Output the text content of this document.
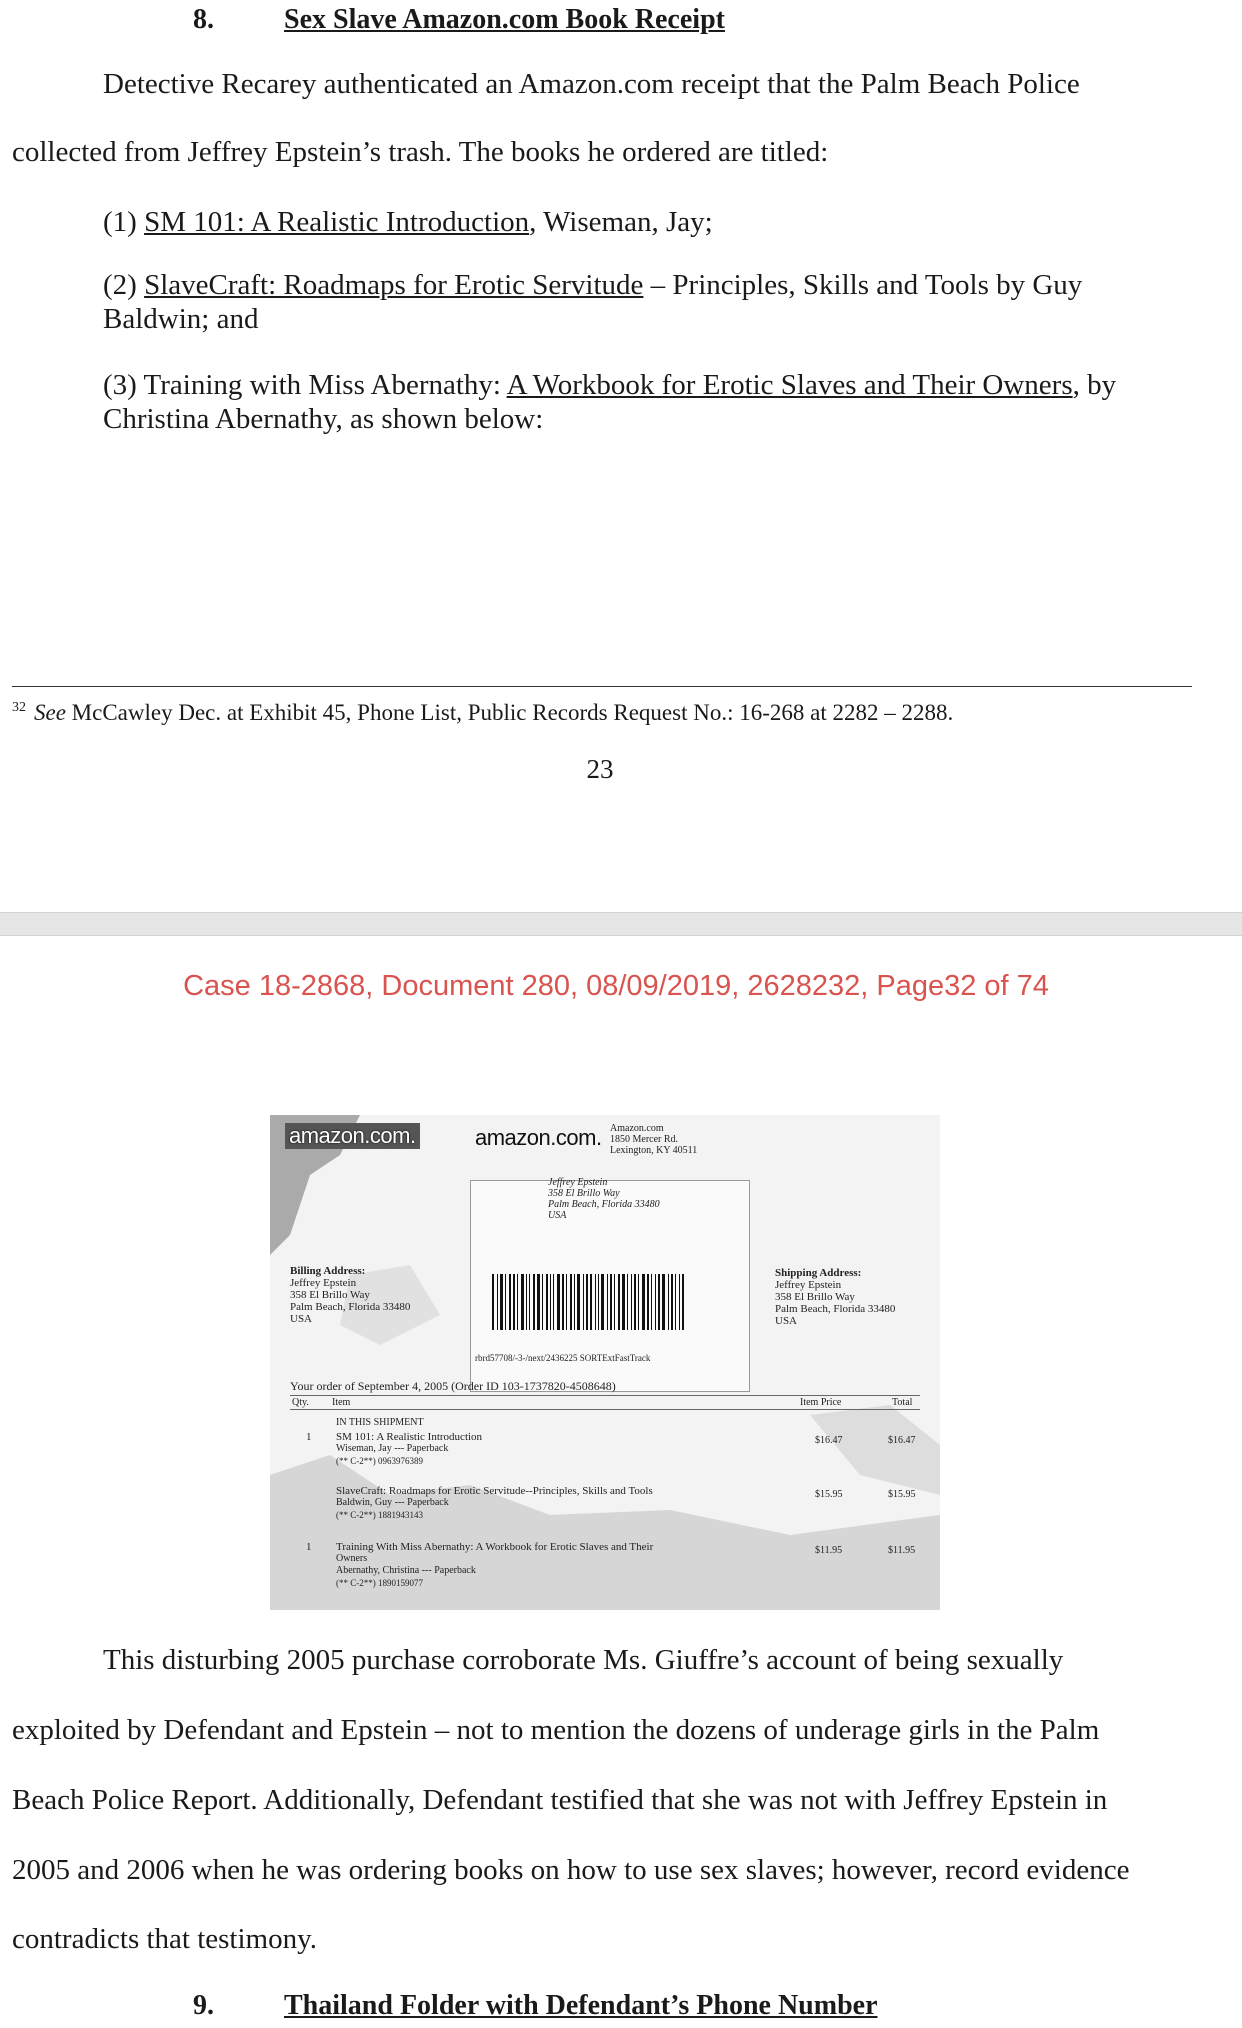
8.	Sex Slave Amazon.com Book Receipt
Detective Recarey authenticated an Amazon.com receipt that the Palm Beach Police
collected from Jeffrey Epstein’s trash. The books he ordered are titled:
(1) SM 101: A Realistic Introduction, Wiseman, Jay;
(2) SlaveCraft: Roadmaps for Erotic Servitude – Principles, Skills and Tools by Guy
Baldwin; and
(3) Training with Miss Abernathy: A Workbook for Erotic Slaves and Their Owners, by
Christina Abernathy, as shown below:
$^{32}$ See McCawley Dec. at Exhibit 45, Phone List, Public Records Request No.: 16-268 at 2282 – 2288.
23
Case 18-2868, Document 280, 08/09/2019, 2628232, Page32 of 74
amazon.com.	amazon.com. Amazon.com
1850 Mercer Rd.
Lexington, KY 40511
Jeffrey Epstein
358 El Brillo Way
Palm Beach, Florida 33480
USA
rbrd57708/-3-/next/2436225 SORTExtFastTrack
Billing Address:
Jeffrey Epstein
358 El Brillo Way
Palm Beach, Florida 33480
USA
Shipping Address:
Jeffrey Epstein
358 El Brillo Way
Palm Beach, Florida 33480
USA
Your order of September 4, 2005 (Order ID 103-1737820-4508648)
Qty. Item	Item Price	Total
IN THIS SHIPMENT
1 SM 101: A Realistic Introduction
Wiseman, Jay --- Paperback
(** C-2**) 0963976389
$16.47	$16.47
SlaveCraft: Roadmaps for Erotic Servitude--Principles, Skills and Tools
Baldwin, Guy --- Paperback
(** C-2**) 1881943143
$15.95	$15.95
1 Training With Miss Abernathy: A Workbook for Erotic Slaves and Their
Owners
Abernathy, Christina --- Paperback
(** C-2**) 1890159077
$11.95	$11.95
This disturbing 2005 purchase corroborate Ms. Giuffre’s account of being sexually
exploited by Defendant and Epstein – not to mention the dozens of underage girls in the Palm
Beach Police Report. Additionally, Defendant testified that she was not with Jeffrey Epstein in
2005 and 2006 when he was ordering books on how to use sex slaves; however, record evidence
contradicts that testimony.
9.	Thailand Folder with Defendant’s Phone Number
